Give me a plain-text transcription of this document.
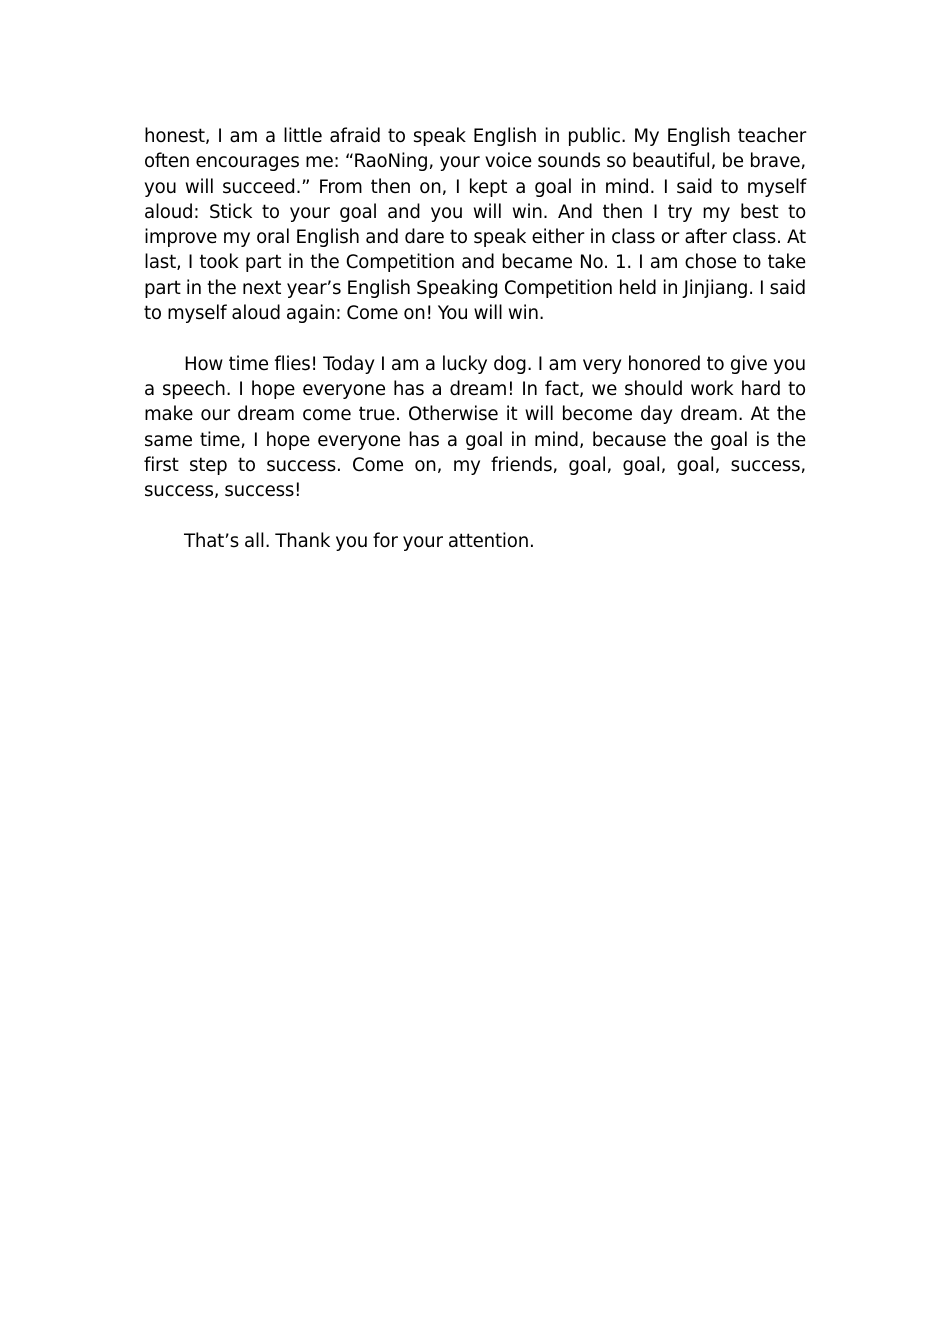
honest, I am a little afraid to speak English in public. My English teacher often encourages me: “RaoNing, your voice sounds so beautiful, be brave, you will succeed.” From then on, I kept a goal in mind. I said to myself aloud: Stick to your goal and you will win. And then I try my best to improve my oral English and dare to speak either in class or after class. At last, I took part in the Competition and became No. 1. I am chose to take part in the next year’s English Speaking Competition held in Jinjiang. I said to myself aloud again: Come on! You will win.

How time flies! Today I am a lucky dog. I am very honored to give you a speech. I hope everyone has a dream! In fact, we should work hard to make our dream come true. Otherwise it will become day dream. At the same time, I hope everyone has a goal in mind, because the goal is the first step to success. Come on, my friends, goal, goal, goal, success, success, success!

That’s all. Thank you for your attention.
